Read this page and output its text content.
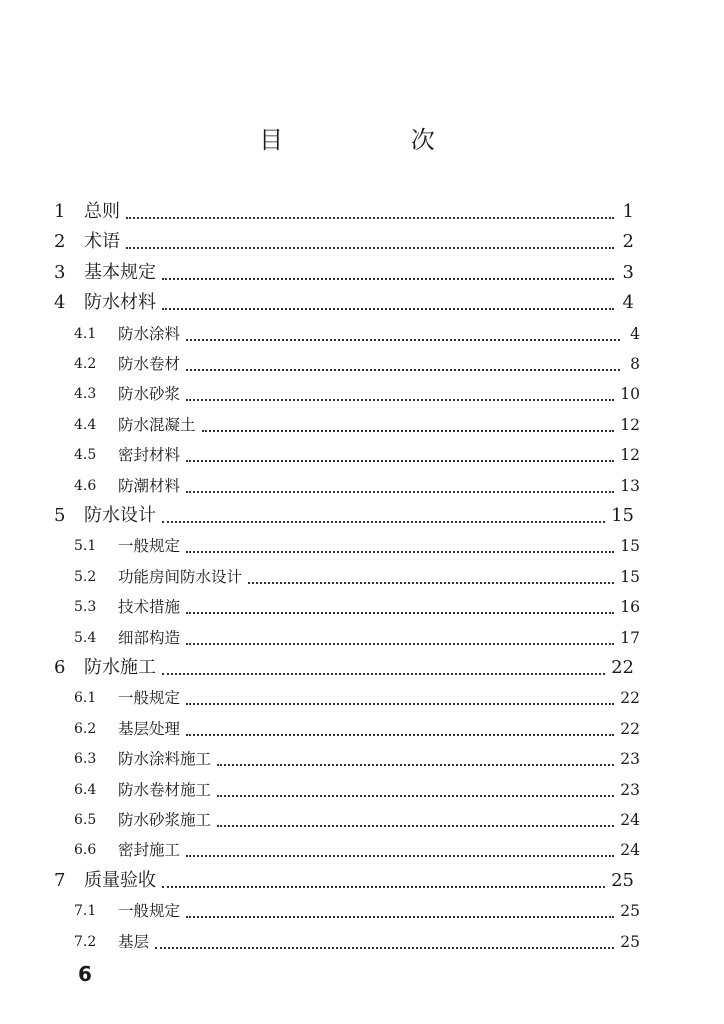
目 次
1	总则	1
2	术语	2
3	基本规定	3
4	防水材料	4
4.1	防水涂料	4
4.2	防水卷材	8
4.3	防水砂浆	10
4.4	防水混凝土	12
4.5	密封材料	12
4.6	防潮材料	13
5	防水设计	15
5.1	一般规定	15
5.2	功能房间防水设计	15
5.3	技术措施	16
5.4	细部构造	17
6	防水施工	22
6.1	一般规定	22
6.2	基层处理	22
6.3	防水涂料施工	23
6.4	防水卷材施工	23
6.5	防水砂浆施工	24
6.6	密封施工	24
7	质量验收	25
7.1	一般规定	25
7.2	基层	25
6
